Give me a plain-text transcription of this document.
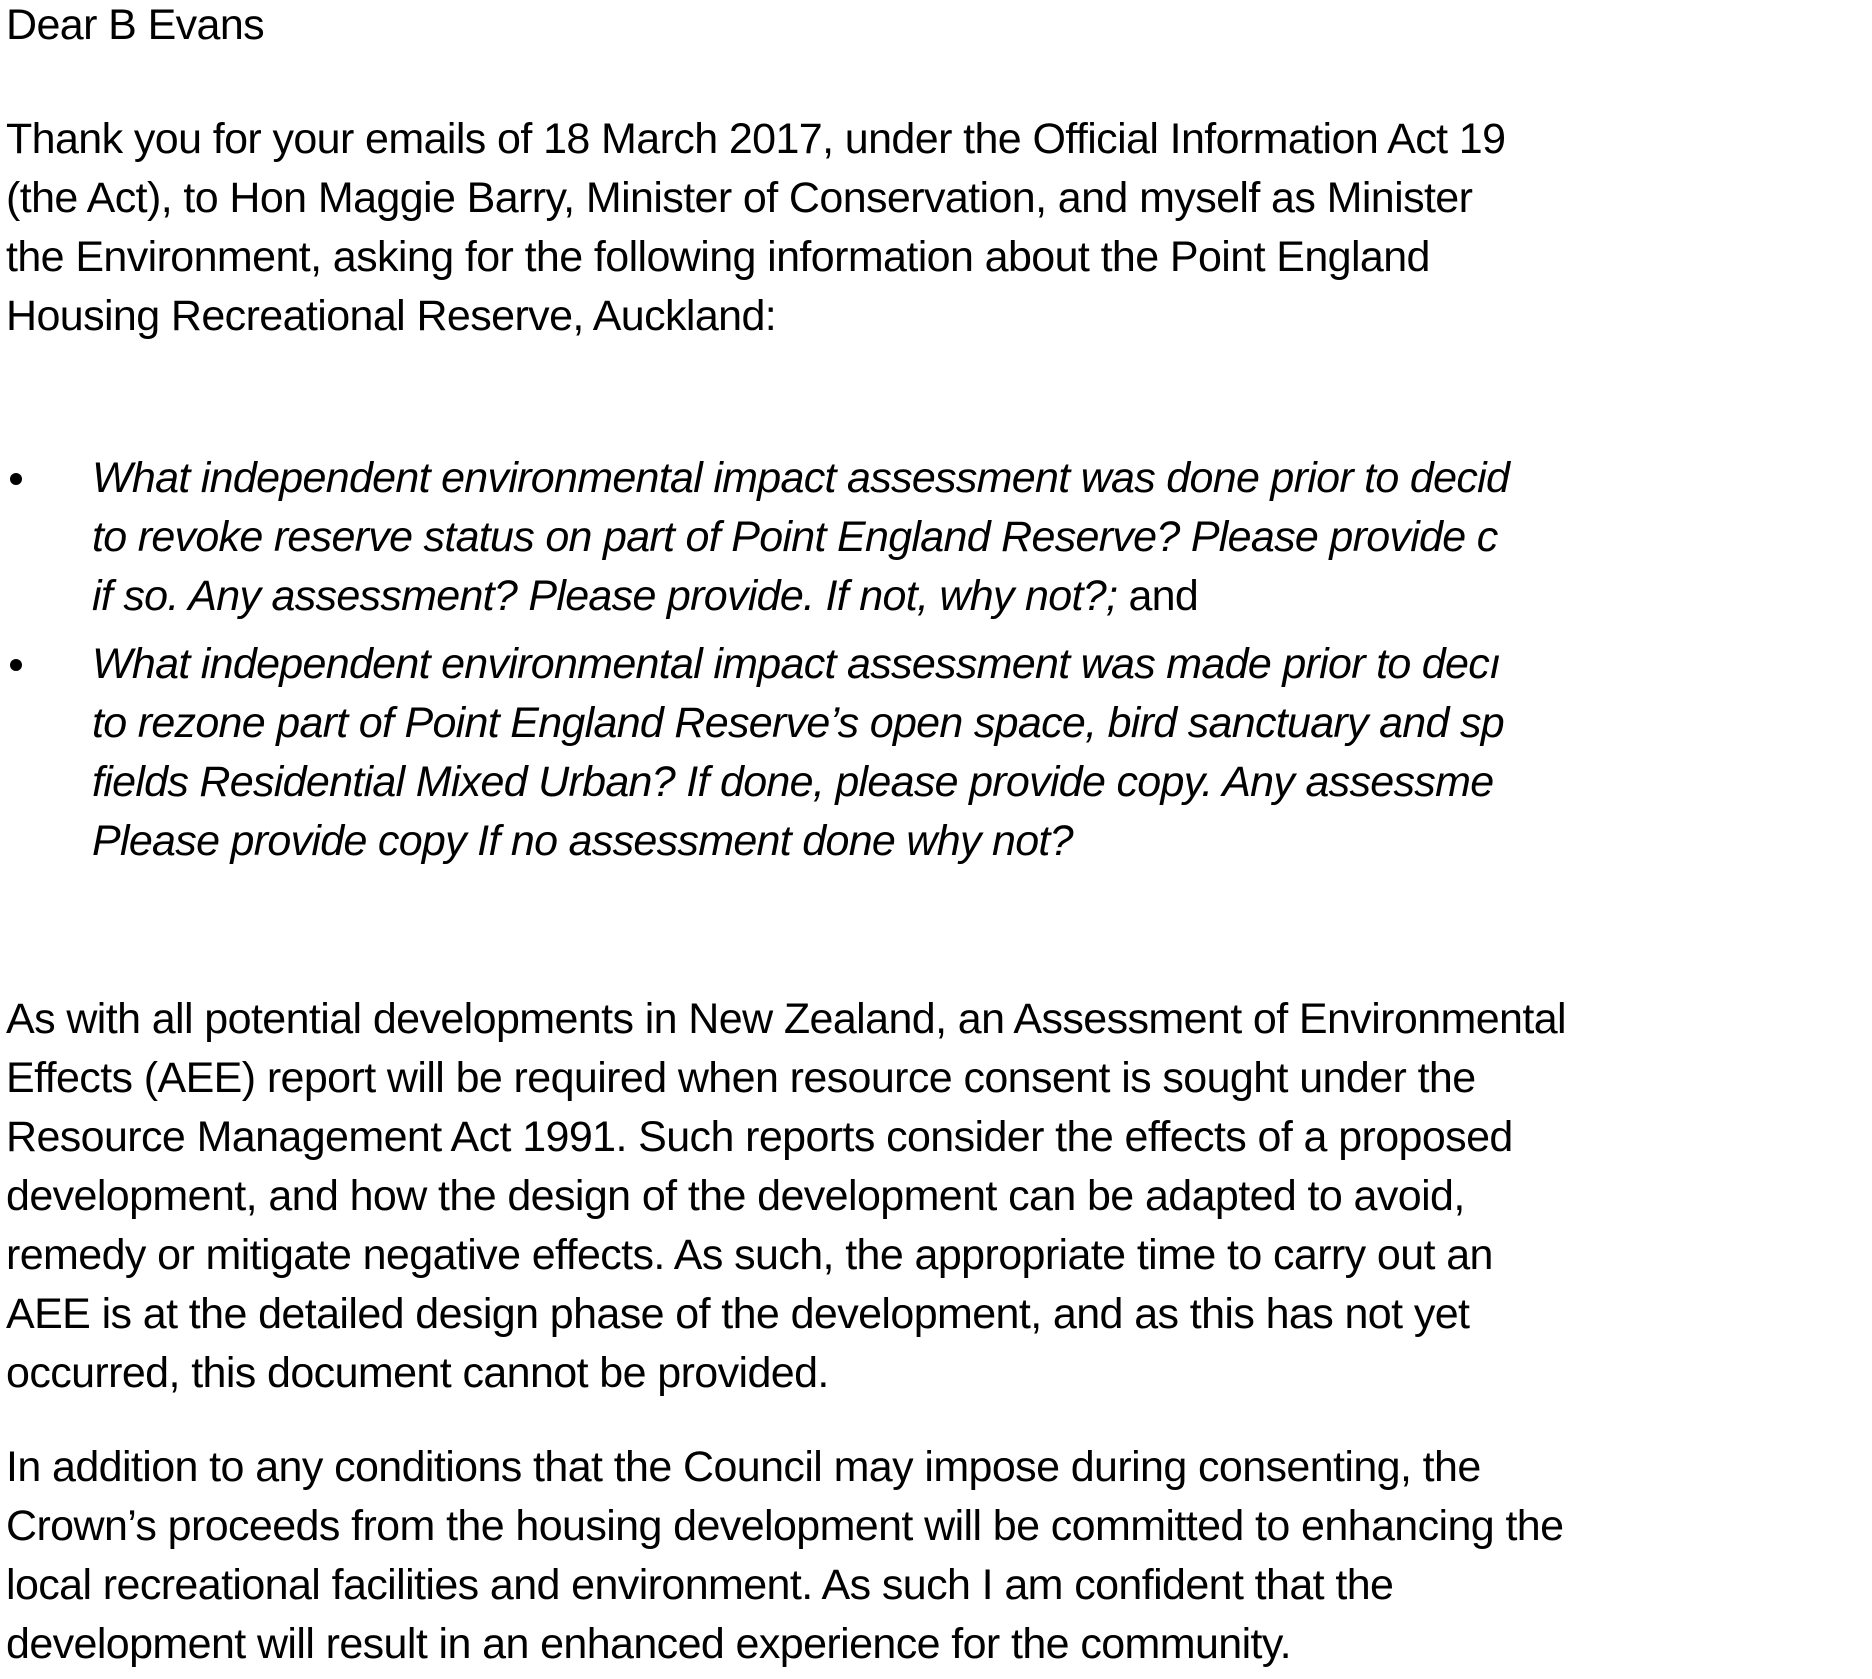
Dear B Evans

Thank you for your emails of 18 March 2017, under the Official Information Act 19
(the Act), to Hon Maggie Barry, Minister of Conservation, and myself as Minister
the Environment, asking for the following information about the Point England
Housing Recreational Reserve, Auckland:

What independent environmental impact assessment was done prior to decid
to revoke reserve status on part of Point England Reserve? Please provide c
if so. Any assessment? Please provide. If not, why not?; and
What independent environmental impact assessment was made prior to decı
to rezone part of Point England Reserve’s open space, bird sanctuary and sp
fields Residential Mixed Urban? If done, please provide copy. Any assessme
Please provide copy If no assessment done why not?

As with all potential developments in New Zealand, an Assessment of Environmental
Effects (AEE) report will be required when resource consent is sought under the
Resource Management Act 1991. Such reports consider the effects of a proposed
development, and how the design of the development can be adapted to avoid,
remedy or mitigate negative effects. As such, the appropriate time to carry out an
AEE is at the detailed design phase of the development, and as this has not yet
occurred, this document cannot be provided.

In addition to any conditions that the Council may impose during consenting, the
Crown’s proceeds from the housing development will be committed to enhancing the
local recreational facilities and environment. As such I am confident that the
development will result in an enhanced experience for the community.
